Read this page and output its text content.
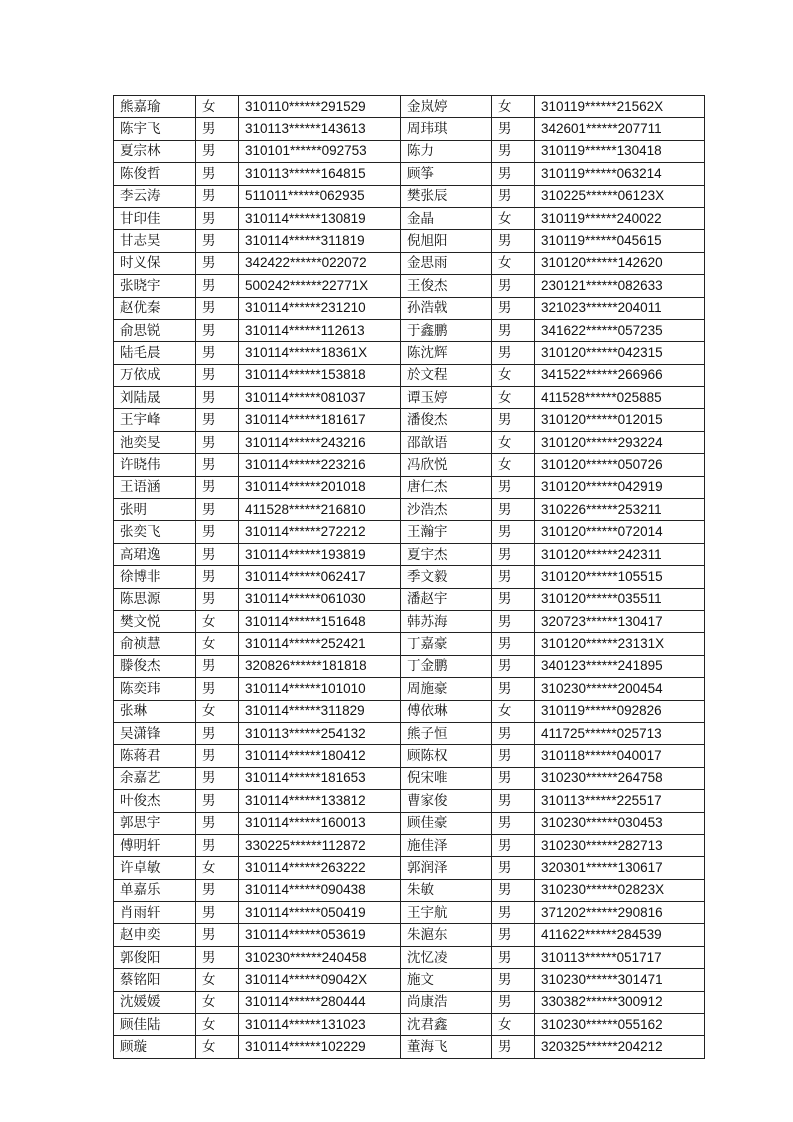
熊嘉瑜	女	310110******291529	金岚婷	女	310119******21562X
陈宇飞	男	310113******143613	周玮琪	男	342601******207711
夏宗林	男	310101******092753	陈力	男	310119******130418
陈俊哲	男	310113******164815	顾筝	男	310119******063214
李云涛	男	511011******062935	樊张辰	男	310225******06123X
甘印佳	男	310114******130819	金晶	女	310119******240022
甘志昊	男	310114******311819	倪旭阳	男	310119******045615
时义保	男	342422******022072	金思雨	女	310120******142620
张晓宇	男	500242******22771X	王俊杰	男	230121******082633
赵优秦	男	310114******231210	孙浩戟	男	321023******204011
俞思锐	男	310114******112613	于鑫鹏	男	341622******057235
陆毛晨	男	310114******18361X	陈沈辉	男	310120******042315
万依成	男	310114******153818	於文程	女	341522******266966
刘陆晟	男	310114******081037	谭玉婷	女	411528******025885
王宇峰	男	310114******181617	潘俊杰	男	310120******012015
池奕旻	男	310114******243216	邵歆语	女	310120******293224
许晓伟	男	310114******223216	冯欣悦	女	310120******050726
王语涵	男	310114******201018	唐仁杰	男	310120******042919
张明	男	411528******216810	沙浩杰	男	310226******253211
张奕飞	男	310114******272212	王瀚宇	男	310120******072014
高珺逸	男	310114******193819	夏宇杰	男	310120******242311
徐博非	男	310114******062417	季文毅	男	310120******105515
陈思源	男	310114******061030	潘赵宇	男	310120******035511
樊文悦	女	310114******151648	韩苏海	男	320723******130417
俞祯慧	女	310114******252421	丁嘉豪	男	310120******23131X
滕俊杰	男	320826******181818	丁金鹏	男	340123******241895
陈奕玮	男	310114******101010	周施豪	男	310230******200454
张琳	女	310114******311829	傅依琳	女	310119******092826
吴潇锋	男	310113******254132	熊子恒	男	411725******025713
陈蒋君	男	310114******180412	顾陈权	男	310118******040017
余嘉艺	男	310114******181653	倪宋唯	男	310230******264758
叶俊杰	男	310114******133812	曹家俊	男	310113******225517
郭思宇	男	310114******160013	顾佳豪	男	310230******030453
傅明轩	男	330225******112872	施佳泽	男	310230******282713
许卓敏	女	310114******263222	郭润泽	男	320301******130617
单嘉乐	男	310114******090438	朱敏	男	310230******02823X
肖雨轩	男	310114******050419	王宇航	男	371202******290816
赵申奕	男	310114******053619	朱滬东	男	411622******284539
郭俊阳	男	310230******240458	沈忆凌	男	310113******051717
蔡铭阳	女	310114******09042X	施文	男	310230******301471
沈媛媛	女	310114******280444	尚康浩	男	330382******300912
顾佳陆	女	310114******131023	沈君鑫	女	310230******055162
顾璇	女	310114******102229	董海飞	男	320325******204212
